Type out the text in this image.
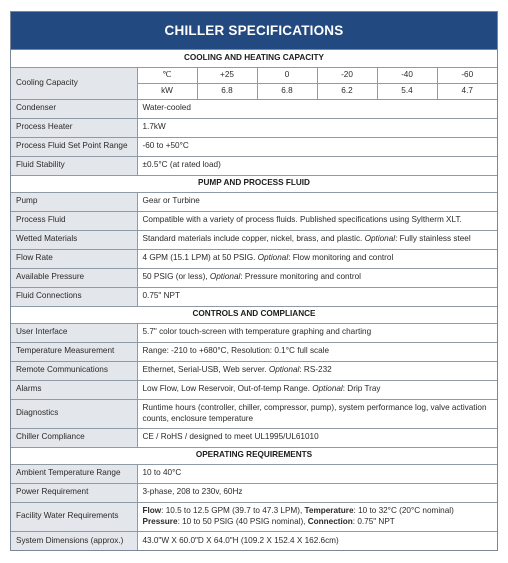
CHILLER SPECIFICATIONS
COOLING AND HEATING CAPACITY						
Cooling Capacity	℃	+25	0	-20	-40	-60
	kW	6.8	6.8	6.2	5.4	4.7
Condenser	Water-cooled					
Process Heater	1.7kW					
Process Fluid Set Point Range	-60 to +50°C					
Fluid Stability	±0.5°C (at rated load)					
PUMP AND PROCESS FLUID						
Pump	Gear or Turbine					
Process Fluid	Compatible with a variety of process fluids. Published specifications using Syltherm XLT.					
Wetted Materials	Standard materials include copper, nickel, brass, and plastic. Optional: Fully stainless steel					
Flow Rate	4 GPM (15.1 LPM) at 50 PSIG. Optional: Flow monitoring and control					
Available Pressure	50 PSIG (or less), Optional: Pressure monitoring and control					
Fluid Connections	0.75" NPT					
CONTROLS AND COMPLIANCE						
User Interface	5.7" color touch-screen with temperature graphing and charting					
Temperature Measurement	Range: -210 to +680°C, Resolution: 0.1°C full scale					
Remote Communications	Ethernet, Serial-USB, Web server. Optional: RS-232					
Alarms	Low Flow, Low Reservoir, Out-of-temp Range. Optional: Drip Tray					
Diagnostics	Runtime hours (controller, chiller, compressor, pump), system performance log, valve activation counts, enclosure temperature					
Chiller Compliance	CE / RoHS / designed to meet UL1995/UL61010					
OPERATING REQUIREMENTS						
Ambient Temperature Range	10 to 40°C					
Power Requirement	3-phase, 208 to 230v, 60Hz					
Facility Water Requirements	Flow: 10.5 to 12.5 GPM (39.7 to 47.3 LPM), Temperature: 10 to 32°C (20°C nominal)
Pressure: 10 to 50 PSIG (40 PSIG nominal), Connection: 0.75" NPT					
System Dimensions (approx.)	43.0"W X 60.0"D X 64.0"H (109.2 X 152.4 X 162.6cm)					
